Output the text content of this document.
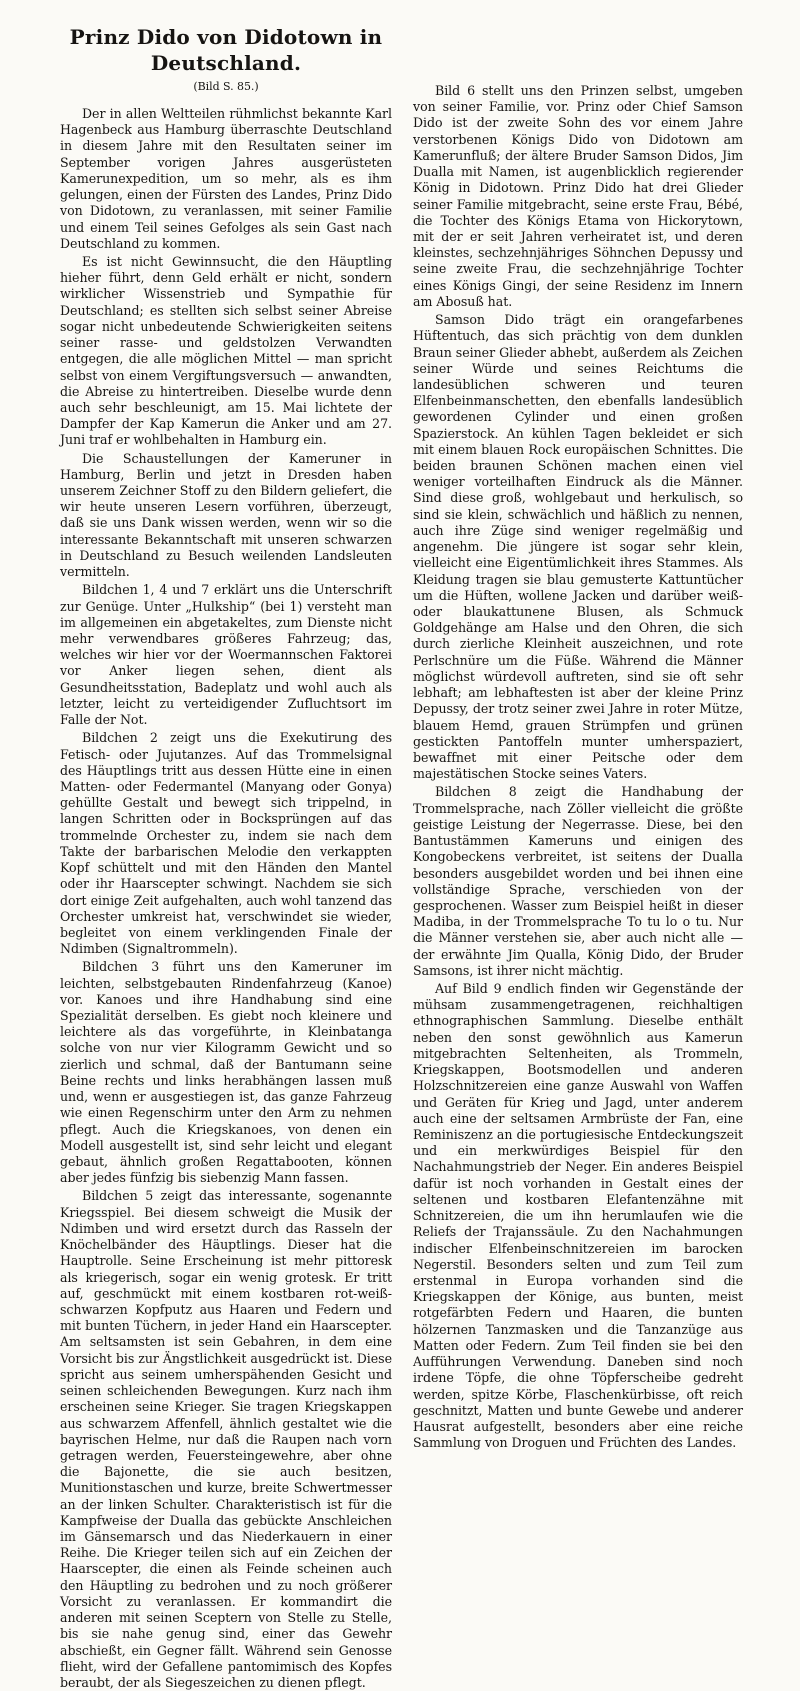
Prinz Dido von Didotown in Deutschland.
(Bild S. 85.)

Der in allen Weltteilen rühmlichst bekannte Karl Hagenbeck aus Hamburg überraschte Deutschland in diesem Jahre mit den Resultaten seiner im September vorigen Jahres ausgerüsteten Kamerunexpedition, um so mehr, als es ihm gelungen, einen der Fürsten des Landes, Prinz Dido von Didotown, zu veranlassen, mit seiner Familie und einem Teil seines Gefolges als sein Gast nach Deutschland zu kommen.

Es ist nicht Gewinnsucht, die den Häuptling hieher führt, denn Geld erhält er nicht, sondern wirklicher Wissenstrieb und Sympathie für Deutschland; es stellten sich selbst seiner Abreise sogar nicht unbedeutende Schwierigkeiten seitens seiner rasse- und geldstolzen Verwandten entgegen, die alle möglichen Mittel — man spricht selbst von einem Vergiftungsversuch — anwandten, die Abreise zu hintertreiben. Dieselbe wurde denn auch sehr beschleunigt, am 15. Mai lichtete der Dampfer der Kap Kamerun die Anker und am 27. Juni traf er wohlbehalten in Hamburg ein.

Die Schaustellungen der Kameruner in Hamburg, Berlin und jetzt in Dresden haben unserem Zeichner Stoff zu den Bildern geliefert, die wir heute unseren Lesern vorführen, überzeugt, daß sie uns Dank wissen werden, wenn wir so die interessante Bekanntschaft mit unseren schwarzen in Deutschland zu Besuch weilenden Landsleuten vermitteln.

Bildchen 1, 4 und 7 erklärt uns die Unterschrift zur Genüge. Unter „Hulkship“ (bei 1) versteht man im allgemeinen ein abgetakeltes, zum Dienste nicht mehr verwendbares größeres Fahrzeug; das, welches wir hier vor der Woermannschen Faktorei vor Anker liegen sehen, dient als Gesundheitsstation, Badeplatz und wohl auch als letzter, leicht zu verteidigender Zufluchtsort im Falle der Not.

Bildchen 2 zeigt uns die Exekutirung des Fetisch- oder Jujutanzes. Auf das Trommelsignal des Häuptlings tritt aus dessen Hütte eine in einen Matten- oder Federmantel (Manyang oder Gonya) gehüllte Gestalt und bewegt sich trippelnd, in langen Schritten oder in Bocksprüngen auf das trommelnde Orchester zu, indem sie nach dem Takte der barbarischen Melodie den verkappten Kopf schüttelt und mit den Händen den Mantel oder ihr Haarscepter schwingt. Nachdem sie sich dort einige Zeit aufgehalten, auch wohl tanzend das Orchester umkreist hat, verschwindet sie wieder, begleitet von einem verklingenden Finale der Ndimben (Signaltrommeln).

Bildchen 3 führt uns den Kameruner im leichten, selbstgebauten Rindenfahrzeug (Kanoe) vor. Kanoes und ihre Handhabung sind eine Spezialität derselben. Es giebt noch kleinere und leichtere als das vorgeführte, in Kleinbatanga solche von nur vier Kilogramm Gewicht und so zierlich und schmal, daß der Bantumann seine Beine rechts und links herabhängen lassen muß und, wenn er ausgestiegen ist, das ganze Fahrzeug wie einen Regenschirm unter den Arm zu nehmen pflegt. Auch die Kriegskanoes, von denen ein Modell ausgestellt ist, sind sehr leicht und elegant gebaut, ähnlich großen Regattabooten, können aber jedes fünfzig bis siebenzig Mann fassen.

Bildchen 5 zeigt das interessante, sogenannte Kriegsspiel. Bei diesem schweigt die Musik der Ndimben und wird ersetzt durch das Rasseln der Knöchelbänder des Häuptlings. Dieser hat die Hauptrolle. Seine Erscheinung ist mehr pittoresk als kriegerisch, sogar ein wenig grotesk. Er tritt auf, geschmückt mit einem kostbaren rot-weiß-schwarzen Kopfputz aus Haaren und Federn und mit bunten Tüchern, in jeder Hand ein Haarscepter. Am seltsamsten ist sein Gebahren, in dem eine Vorsicht bis zur Ängstlichkeit ausgedrückt ist. Diese spricht aus seinem umherspähenden Gesicht und seinen schleichenden Bewegungen. Kurz nach ihm erscheinen seine Krieger. Sie tragen Kriegskappen aus schwarzem Affenfell, ähnlich gestaltet wie die bayrischen Helme, nur daß die Raupen nach vorn getragen werden, Feuersteingewehre, aber ohne die Bajonette, die sie auch besitzen, Munitionstaschen und kurze, breite Schwertmesser an der linken Schulter. Charakteristisch ist für die Kampfweise der Dualla das gebückte Anschleichen im Gänsemarsch und das Niederkauern in einer Reihe. Die Krieger teilen sich auf ein Zeichen der Haarscepter, die einen als Feinde scheinen auch den Häuptling zu bedrohen und zu noch größerer Vorsicht zu veranlassen. Er kommandirt die anderen mit seinen Sceptern von Stelle zu Stelle, bis sie nahe genug sind, einer das Gewehr abschießt, ein Gegner fällt. Während sein Genosse flieht, wird der Gefallene pantomimisch des Kopfes beraubt, der als Siegeszeichen zu dienen pflegt.

Bild 6 stellt uns den Prinzen selbst, umgeben von seiner Familie, vor. Prinz oder Chief Samson Dido ist der zweite Sohn des vor einem Jahre verstorbenen Königs Dido von Didotown am Kamerunfluß; der ältere Bruder Samson Didos, Jim Dualla mit Namen, ist augenblicklich regierender König in Didotown. Prinz Dido hat drei Glieder seiner Familie mitgebracht, seine erste Frau, Bébé, die Tochter des Königs Etama von Hickorytown, mit der er seit Jahren verheiratet ist, und deren kleinstes, sechzehnjähriges Söhnchen Depussy und seine zweite Frau, die sechzehnjährige Tochter eines Königs Gingi, der seine Residenz im Innern am Abosuß hat.

Samson Dido trägt ein orangefarbenes Hüftentuch, das sich prächtig von dem dunklen Braun seiner Glieder abhebt, außerdem als Zeichen seiner Würde und seines Reichtums die landesüblichen schweren und teuren Elfenbeinmanschetten, den ebenfalls landesüblich gewordenen Cylinder und einen großen Spazierstock. An kühlen Tagen bekleidet er sich mit einem blauen Rock europäischen Schnittes. Die beiden braunen Schönen machen einen viel weniger vorteilhaften Eindruck als die Männer. Sind diese groß, wohlgebaut und herkulisch, so sind sie klein, schwächlich und häßlich zu nennen, auch ihre Züge sind weniger regelmäßig und angenehm. Die jüngere ist sogar sehr klein, vielleicht eine Eigentümlichkeit ihres Stammes. Als Kleidung tragen sie blau gemusterte Kattuntücher um die Hüften, wollene Jacken und darüber weiß- oder blaukattunene Blusen, als Schmuck Goldgehänge am Halse und den Ohren, die sich durch zierliche Kleinheit auszeichnen, und rote Perlschnüre um die Füße. Während die Männer möglichst würdevoll auftreten, sind sie oft sehr lebhaft; am lebhaftesten ist aber der kleine Prinz Depussy, der trotz seiner zwei Jahre in roter Mütze, blauem Hemd, grauen Strümpfen und grünen gestickten Pantoffeln munter umherspaziert, bewaffnet mit einer Peitsche oder dem majestätischen Stocke seines Vaters.

Bildchen 8 zeigt die Handhabung der Trommelsprache, nach Zöller vielleicht die größte geistige Leistung der Negerrasse. Diese, bei den Bantustämmen Kameruns und einigen des Kongobeckens verbreitet, ist seitens der Dualla besonders ausgebildet worden und bei ihnen eine vollständige Sprache, verschieden von der gesprochenen. Wasser zum Beispiel heißt in dieser Madiba, in der Trommelsprache To tu lo o tu. Nur die Männer verstehen sie, aber auch nicht alle — der erwähnte Jim Qualla, König Dido, der Bruder Samsons, ist ihrer nicht mächtig.

Auf Bild 9 endlich finden wir Gegenstände der mühsam zusammengetragenen, reichhaltigen ethnographischen Sammlung. Dieselbe enthält neben den sonst gewöhnlich aus Kamerun mitgebrachten Seltenheiten, als Trommeln, Kriegskappen, Bootsmodellen und anderen Holzschnitzereien eine ganze Auswahl von Waffen und Geräten für Krieg und Jagd, unter anderem auch eine der seltsamen Armbrüste der Fan, eine Reminiszenz an die portugiesische Entdeckungszeit und ein merkwürdiges Beispiel für den Nachahmungstrieb der Neger. Ein anderes Beispiel dafür ist noch vorhanden in Gestalt eines der seltenen und kostbaren Elefantenzähne mit Schnitzereien, die um ihn herumlaufen wie die Reliefs der Trajanssäule. Zu den Nachahmungen indischer Elfenbeinschnitzereien im barocken Negerstil. Besonders selten und zum Teil zum erstenmal in Europa vorhanden sind die Kriegskappen der Könige, aus bunten, meist rotgefärbten Federn und Haaren, die bunten hölzernen Tanzmasken und die Tanzanzüge aus Matten oder Federn. Zum Teil finden sie bei den Aufführungen Verwendung. Daneben sind noch irdene Töpfe, die ohne Töpferscheibe gedreht werden, spitze Körbe, Flaschenkürbisse, oft reich geschnitzt, Matten und bunte Gewebe und anderer Hausrat aufgestellt, besonders aber eine reiche Sammlung von Droguen und Früchten des Landes.
